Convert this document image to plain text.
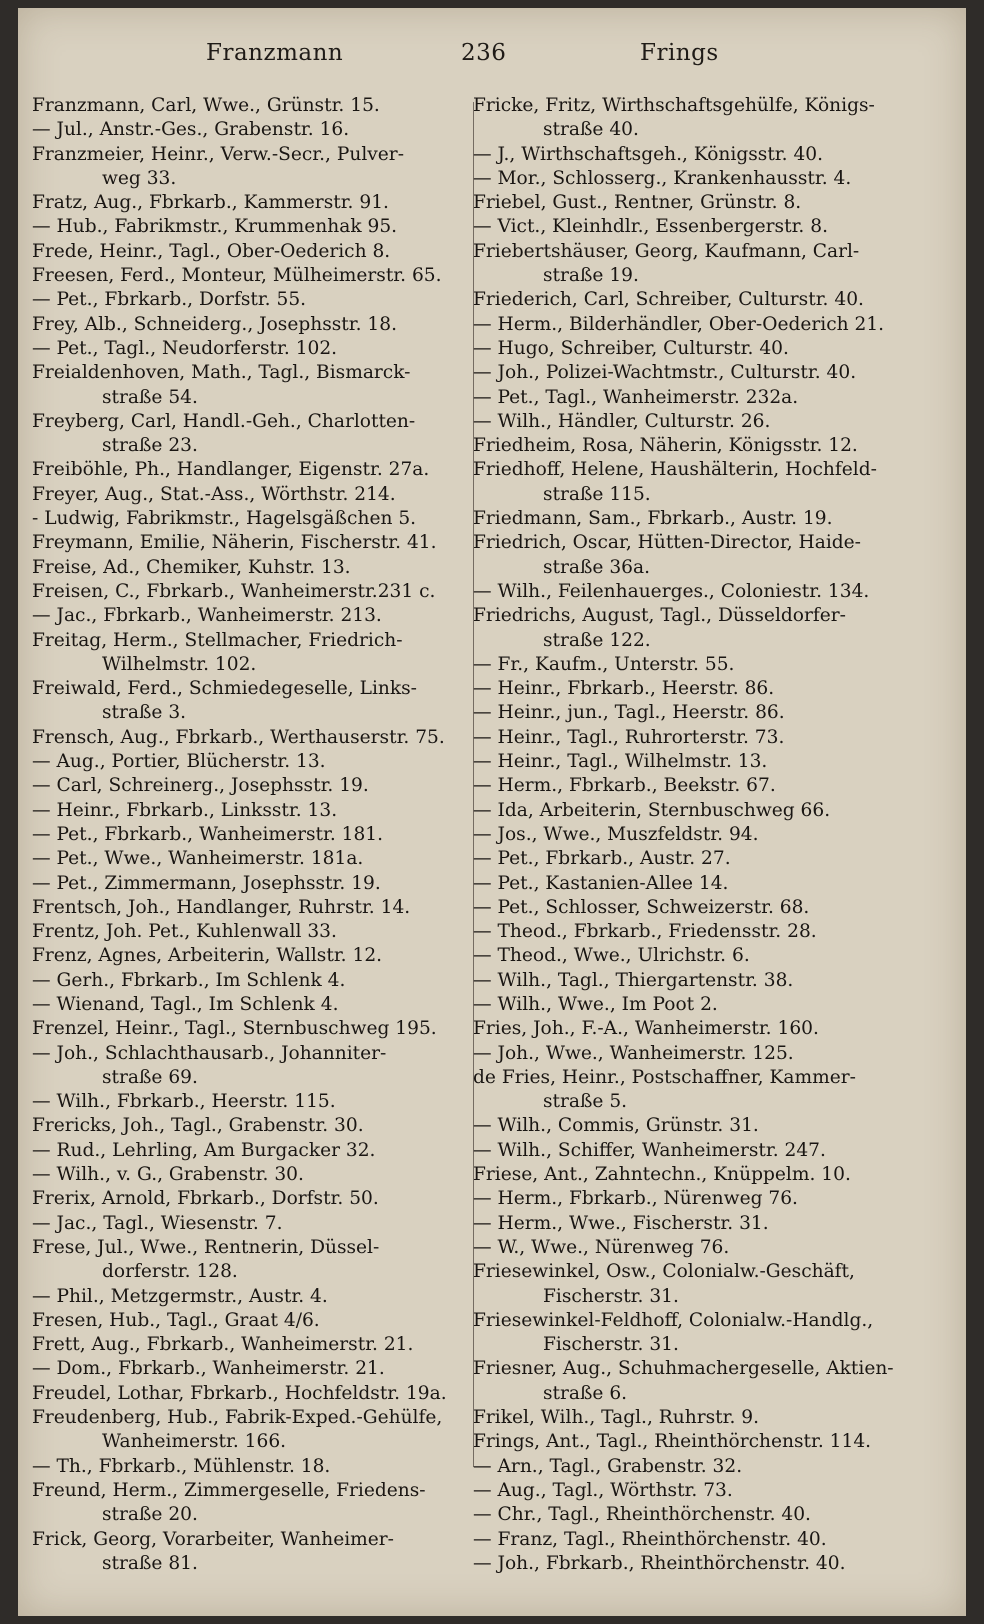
Franzmann	236	Frings
Franzmann, Carl, Wwe., Grünstr. 15.
— Jul., Anstr.-Ges., Grabenstr. 16.
Franzmeier, Heinr., Verw.-Secr., Pulver-
weg 33.
Fratz, Aug., Fbrkarb., Kammerstr. 91.
— Hub., Fabrikmstr., Krummenhak 95.
Frede, Heinr., Tagl., Ober-Oederich 8.
Freesen, Ferd., Monteur, Mülheimerstr. 65.
— Pet., Fbrkarb., Dorfstr. 55.
Frey, Alb., Schneiderg., Josephsstr. 18.
— Pet., Tagl., Neudorferstr. 102.
Freialdenhoven, Math., Tagl., Bismarck-
straße 54.
Freyberg, Carl, Handl.-Geh., Charlotten-
straße 23.
Freiböhle, Ph., Handlanger, Eigenstr. 27a.
Freyer, Aug., Stat.-Ass., Wörthstr. 214.
- Ludwig, Fabrikmstr., Hagelsgäßchen 5.
Freymann, Emilie, Näherin, Fischerstr. 41.
Freise, Ad., Chemiker, Kuhstr. 13.
Freisen, C., Fbrkarb., Wanheimerstr.231 c.
— Jac., Fbrkarb., Wanheimerstr. 213.
Freitag, Herm., Stellmacher, Friedrich-
Wilhelmstr. 102.
Freiwald, Ferd., Schmiedegeselle, Links-
straße 3.
Frensch, Aug., Fbrkarb., Werthauserstr. 75.
— Aug., Portier, Blücherstr. 13.
— Carl, Schreinerg., Josephsstr. 19.
— Heinr., Fbrkarb., Linksstr. 13.
— Pet., Fbrkarb., Wanheimerstr. 181.
— Pet., Wwe., Wanheimerstr. 181a.
— Pet., Zimmermann, Josephsstr. 19.
Frentsch, Joh., Handlanger, Ruhrstr. 14.
Frentz, Joh. Pet., Kuhlenwall 33.
Frenz, Agnes, Arbeiterin, Wallstr. 12.
— Gerh., Fbrkarb., Im Schlenk 4.
— Wienand, Tagl., Im Schlenk 4.
Frenzel, Heinr., Tagl., Sternbuschweg 195.
— Joh., Schlachthausarb., Johanniter-
straße 69.
— Wilh., Fbrkarb., Heerstr. 115.
Frericks, Joh., Tagl., Grabenstr. 30.
— Rud., Lehrling, Am Burgacker 32.
— Wilh., v. G., Grabenstr. 30.
Frerix, Arnold, Fbrkarb., Dorfstr. 50.
— Jac., Tagl., Wiesenstr. 7.
Frese, Jul., Wwe., Rentnerin, Düssel-
dorferstr. 128.
— Phil., Metzgermstr., Austr. 4.
Fresen, Hub., Tagl., Graat 4/6.
Frett, Aug., Fbrkarb., Wanheimerstr. 21.
— Dom., Fbrkarb., Wanheimerstr. 21.
Freudel, Lothar, Fbrkarb., Hochfeldstr. 19a.
Freudenberg, Hub., Fabrik-Exped.-Gehülfe,
Wanheimerstr. 166.
— Th., Fbrkarb., Mühlenstr. 18.
Freund, Herm., Zimmergeselle, Friedens-
straße 20.
Frick, Georg, Vorarbeiter, Wanheimer-
straße 81.
Fricke, Fritz, Wirthschaftsgehülfe, Königs-
straße 40.
— J., Wirthschaftsgeh., Königsstr. 40.
— Mor., Schlosserg., Krankenhausstr. 4.
Friebel, Gust., Rentner, Grünstr. 8.
— Vict., Kleinhdlr., Essenbergerstr. 8.
Friebertshäuser, Georg, Kaufmann, Carl-
straße 19.
Friederich, Carl, Schreiber, Culturstr. 40.
— Herm., Bilderhändler, Ober-Oederich 21.
— Hugo, Schreiber, Culturstr. 40.
— Joh., Polizei-Wachtmstr., Culturstr. 40.
— Pet., Tagl., Wanheimerstr. 232a.
— Wilh., Händler, Culturstr. 26.
Friedheim, Rosa, Näherin, Königsstr. 12.
Friedhoff, Helene, Haushälterin, Hochfeld-
straße 115.
Friedmann, Sam., Fbrkarb., Austr. 19.
Friedrich, Oscar, Hütten-Director, Haide-
straße 36a.
— Wilh., Feilenhauerges., Coloniestr. 134.
Friedrichs, August, Tagl., Düsseldorfer-
straße 122.
— Fr., Kaufm., Unterstr. 55.
— Heinr., Fbrkarb., Heerstr. 86.
— Heinr., jun., Tagl., Heerstr. 86.
— Heinr., Tagl., Ruhrorterstr. 73.
— Heinr., Tagl., Wilhelmstr. 13.
— Herm., Fbrkarb., Beekstr. 67.
— Ida, Arbeiterin, Sternbuschweg 66.
— Jos., Wwe., Muszfeldstr. 94.
— Pet., Fbrkarb., Austr. 27.
— Pet., Kastanien-Allee 14.
— Pet., Schlosser, Schweizerstr. 68.
— Theod., Fbrkarb., Friedensstr. 28.
— Theod., Wwe., Ulrichstr. 6.
— Wilh., Tagl., Thiergartenstr. 38.
— Wilh., Wwe., Im Poot 2.
Fries, Joh., F.-A., Wanheimerstr. 160.
— Joh., Wwe., Wanheimerstr. 125.
de Fries, Heinr., Postschaffner, Kammer-
straße 5.
— Wilh., Commis, Grünstr. 31.
— Wilh., Schiffer, Wanheimerstr. 247.
Friese, Ant., Zahntechn., Knüppelm. 10.
— Herm., Fbrkarb., Nürenweg 76.
— Herm., Wwe., Fischerstr. 31.
— W., Wwe., Nürenweg 76.
Friesewinkel, Osw., Colonialw.-Geschäft,
Fischerstr. 31.
Friesewinkel-Feldhoff, Colonialw.-Handlg.,
Fischerstr. 31.
Friesner, Aug., Schuhmachergeselle, Aktien-
straße 6.
Frikel, Wilh., Tagl., Ruhrstr. 9.
Frings, Ant., Tagl., Rheinthörchenstr. 114.
— Arn., Tagl., Grabenstr. 32.
— Aug., Tagl., Wörthstr. 73.
— Chr., Tagl., Rheinthörchenstr. 40.
— Franz, Tagl., Rheinthörchenstr. 40.
— Joh., Fbrkarb., Rheinthörchenstr. 40.
